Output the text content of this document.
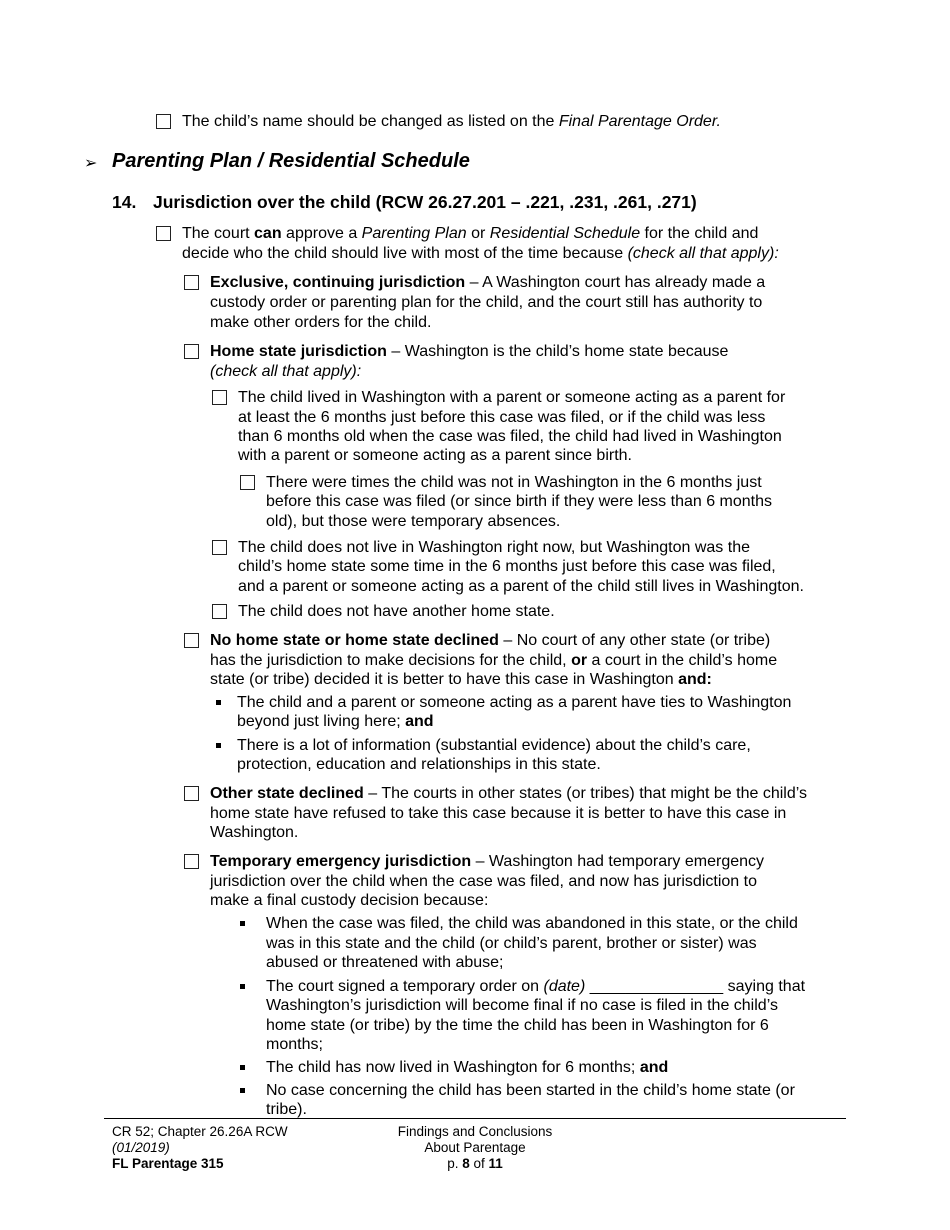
The child’s name should be changed as listed on the Final Parentage Order.
➢ Parenting Plan / Residential Schedule
14. Jurisdiction over the child (RCW 26.27.201 – .221, .231, .261, .271)
The court can approve a Parenting Plan or Residential Schedule for the child and
decide who the child should live with most of the time because (check all that apply):
Exclusive, continuing jurisdiction – A Washington court has already made a
custody order or parenting plan for the child, and the court still has authority to
make other orders for the child.
Home state jurisdiction – Washington is the child’s home state because
(check all that apply):
The child lived in Washington with a parent or someone acting as a parent for
at least the 6 months just before this case was filed, or if the child was less
than 6 months old when the case was filed, the child had lived in Washington
with a parent or someone acting as a parent since birth.
There were times the child was not in Washington in the 6 months just
before this case was filed (or since birth if they were less than 6 months
old), but those were temporary absences.
The child does not live in Washington right now, but Washington was the
child’s home state some time in the 6 months just before this case was filed,
and a parent or someone acting as a parent of the child still lives in Washington.
The child does not have another home state.
No home state or home state declined – No court of any other state (or tribe)
has the jurisdiction to make decisions for the child, or a court in the child’s home
state (or tribe) decided it is better to have this case in Washington and:
The child and a parent or someone acting as a parent have ties to Washington
beyond just living here; and
There is a lot of information (substantial evidence) about the child’s care,
protection, education and relationships in this state.
Other state declined – The courts in other states (or tribes) that might be the child’s
home state have refused to take this case because it is better to have this case in
Washington.
Temporary emergency jurisdiction – Washington had temporary emergency
jurisdiction over the child when the case was filed, and now has jurisdiction to
make a final custody decision because:
When the case was filed, the child was abandoned in this state, or the child
was in this state and the child (or child’s parent, brother or sister) was
abused or threatened with abuse;
The court signed a temporary order on (date) _______________ saying that
Washington’s jurisdiction will become final if no case is filed in the child’s
home state (or tribe) by the time the child has been in Washington for 6
months;
The child has now lived in Washington for 6 months; and
No case concerning the child has been started in the child’s home state (or
tribe).
CR 52; Chapter 26.26A RCW
(01/2019)
FL Parentage 315
Findings and Conclusions
About Parentage
p. 8 of 11
